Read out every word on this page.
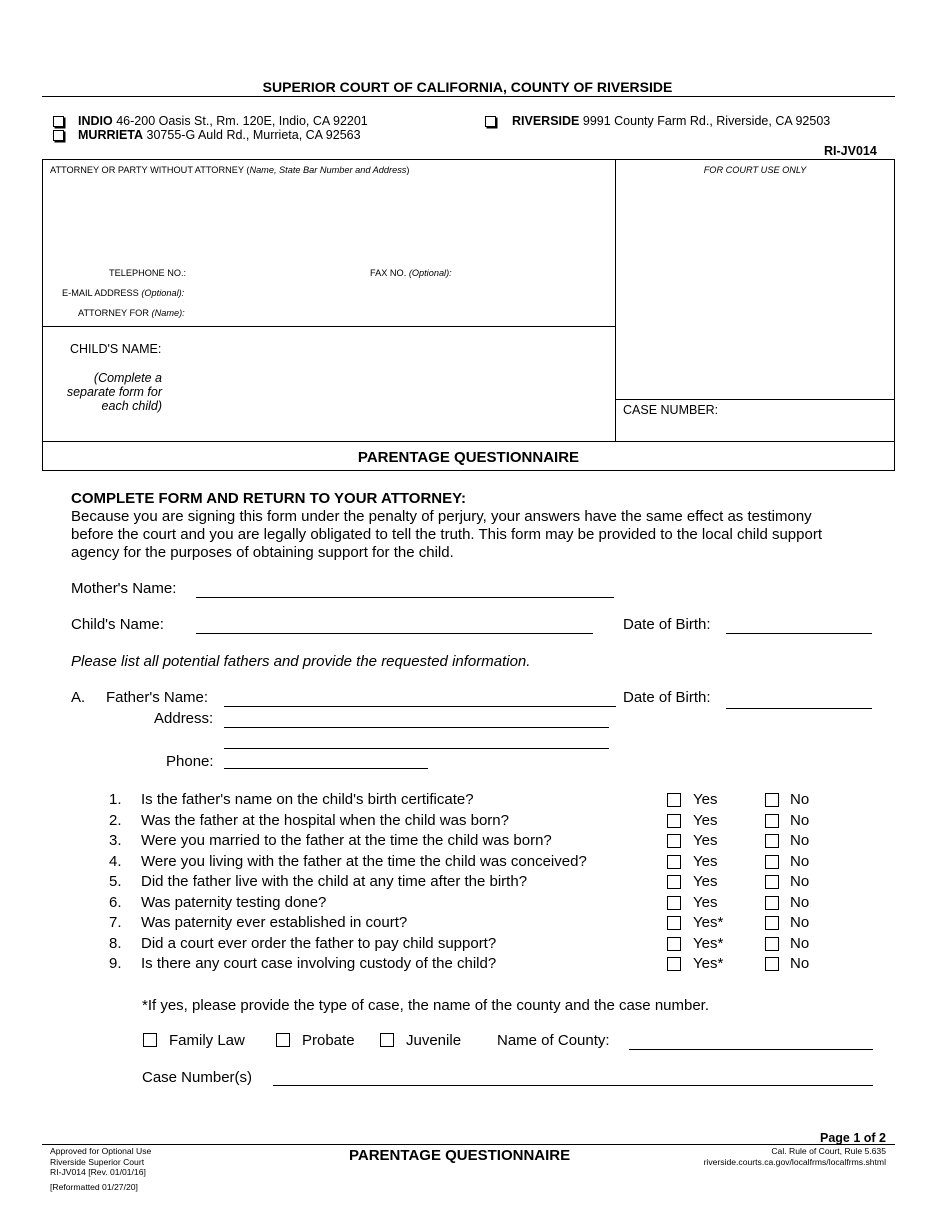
SUPERIOR COURT OF CALIFORNIA, COUNTY OF RIVERSIDE
INDIO 46-200 Oasis St., Rm. 120E, Indio, CA 92201
MURRIETA 30755-G Auld Rd., Murrieta, CA 92563
RIVERSIDE 9991 County Farm Rd., Riverside, CA 92503
RI-JV014
ATTORNEY OR PARTY WITHOUT ATTORNEY (Name, State Bar Number and Address)	FOR COURT USE ONLY
TELEPHONE NO.:	FAX NO. (Optional):
E-MAIL ADDRESS (Optional):
ATTORNEY FOR (Name):
CHILD'S NAME:
(Complete a
separate form for
each child)	CASE NUMBER:
PARENTAGE QUESTIONNAIRE
COMPLETE FORM AND RETURN TO YOUR ATTORNEY:
Because you are signing this form under the penalty of perjury, your answers have the same effect as testimony
before the court and you are legally obligated to tell the truth. This form may be provided to the local child support
agency for the purposes of obtaining support for the child.
Mother's Name:
Child's Name:	Date of Birth:
Please list all potential fathers and provide the requested information.
A. Father's Name:	Date of Birth:
Address:
Phone:
1. Is the father's name on the child's birth certificate?	Yes	No
2. Was the father at the hospital when the child was born?	Yes	No
3. Were you married to the father at the time the child was born?	Yes	No
4. Were you living with the father at the time the child was conceived?	Yes	No
5. Did the father live with the child at any time after the birth?	Yes	No
6. Was paternity testing done?	Yes	No
7. Was paternity ever established in court?	Yes*	No
8. Did a court ever order the father to pay child support?	Yes*	No
9. Is there any court case involving custody of the child?	Yes*	No
*If yes, please provide the type of case, the name of the county and the case number.
Family Law	Probate	Juvenile Name of County:
Case Number(s)
Page 1 of 2
Approved for Optional Use
Riverside Superior Court
RI-JV014 [Rev. 01/01/16]
[Reformatted 01/27/20]
PARENTAGE QUESTIONNAIRE	Cal. Rule of Court, Rule 5.635
riverside.courts.ca.gov/localfrms/localfrms.shtml
